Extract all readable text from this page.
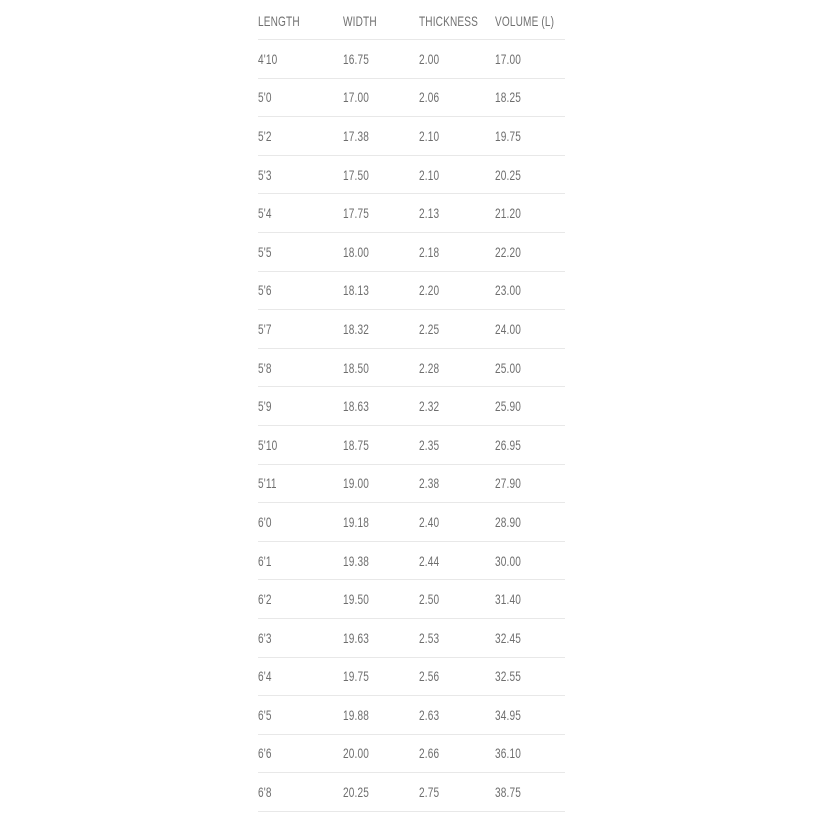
LENGTH	WIDTH	THICKNESS VOLUME (L)
4'10	16.75	2.00	17.00
5'0	17.00	2.06	18.25
5'2	17.38	2.10	19.75
5'3	17.50	2.10	20.25
5'4	17.75	2.13	21.20
5'5	18.00	2.18	22.20
5'6	18.13	2.20	23.00
5'7	18.32	2.25	24.00
5'8	18.50	2.28	25.00
5'9	18.63	2.32	25.90
5'10	18.75	2.35	26.95
5'11	19.00	2.38	27.90
6'0	19.18	2.40	28.90
6'1	19.38	2.44	30.00
6'2	19.50	2.50	31.40
6'3	19.63	2.53	32.45
6'4	19.75	2.56	32.55
6'5	19.88	2.63	34.95
6'6	20.00	2.66	36.10
6'8	20.25	2.75	38.75
